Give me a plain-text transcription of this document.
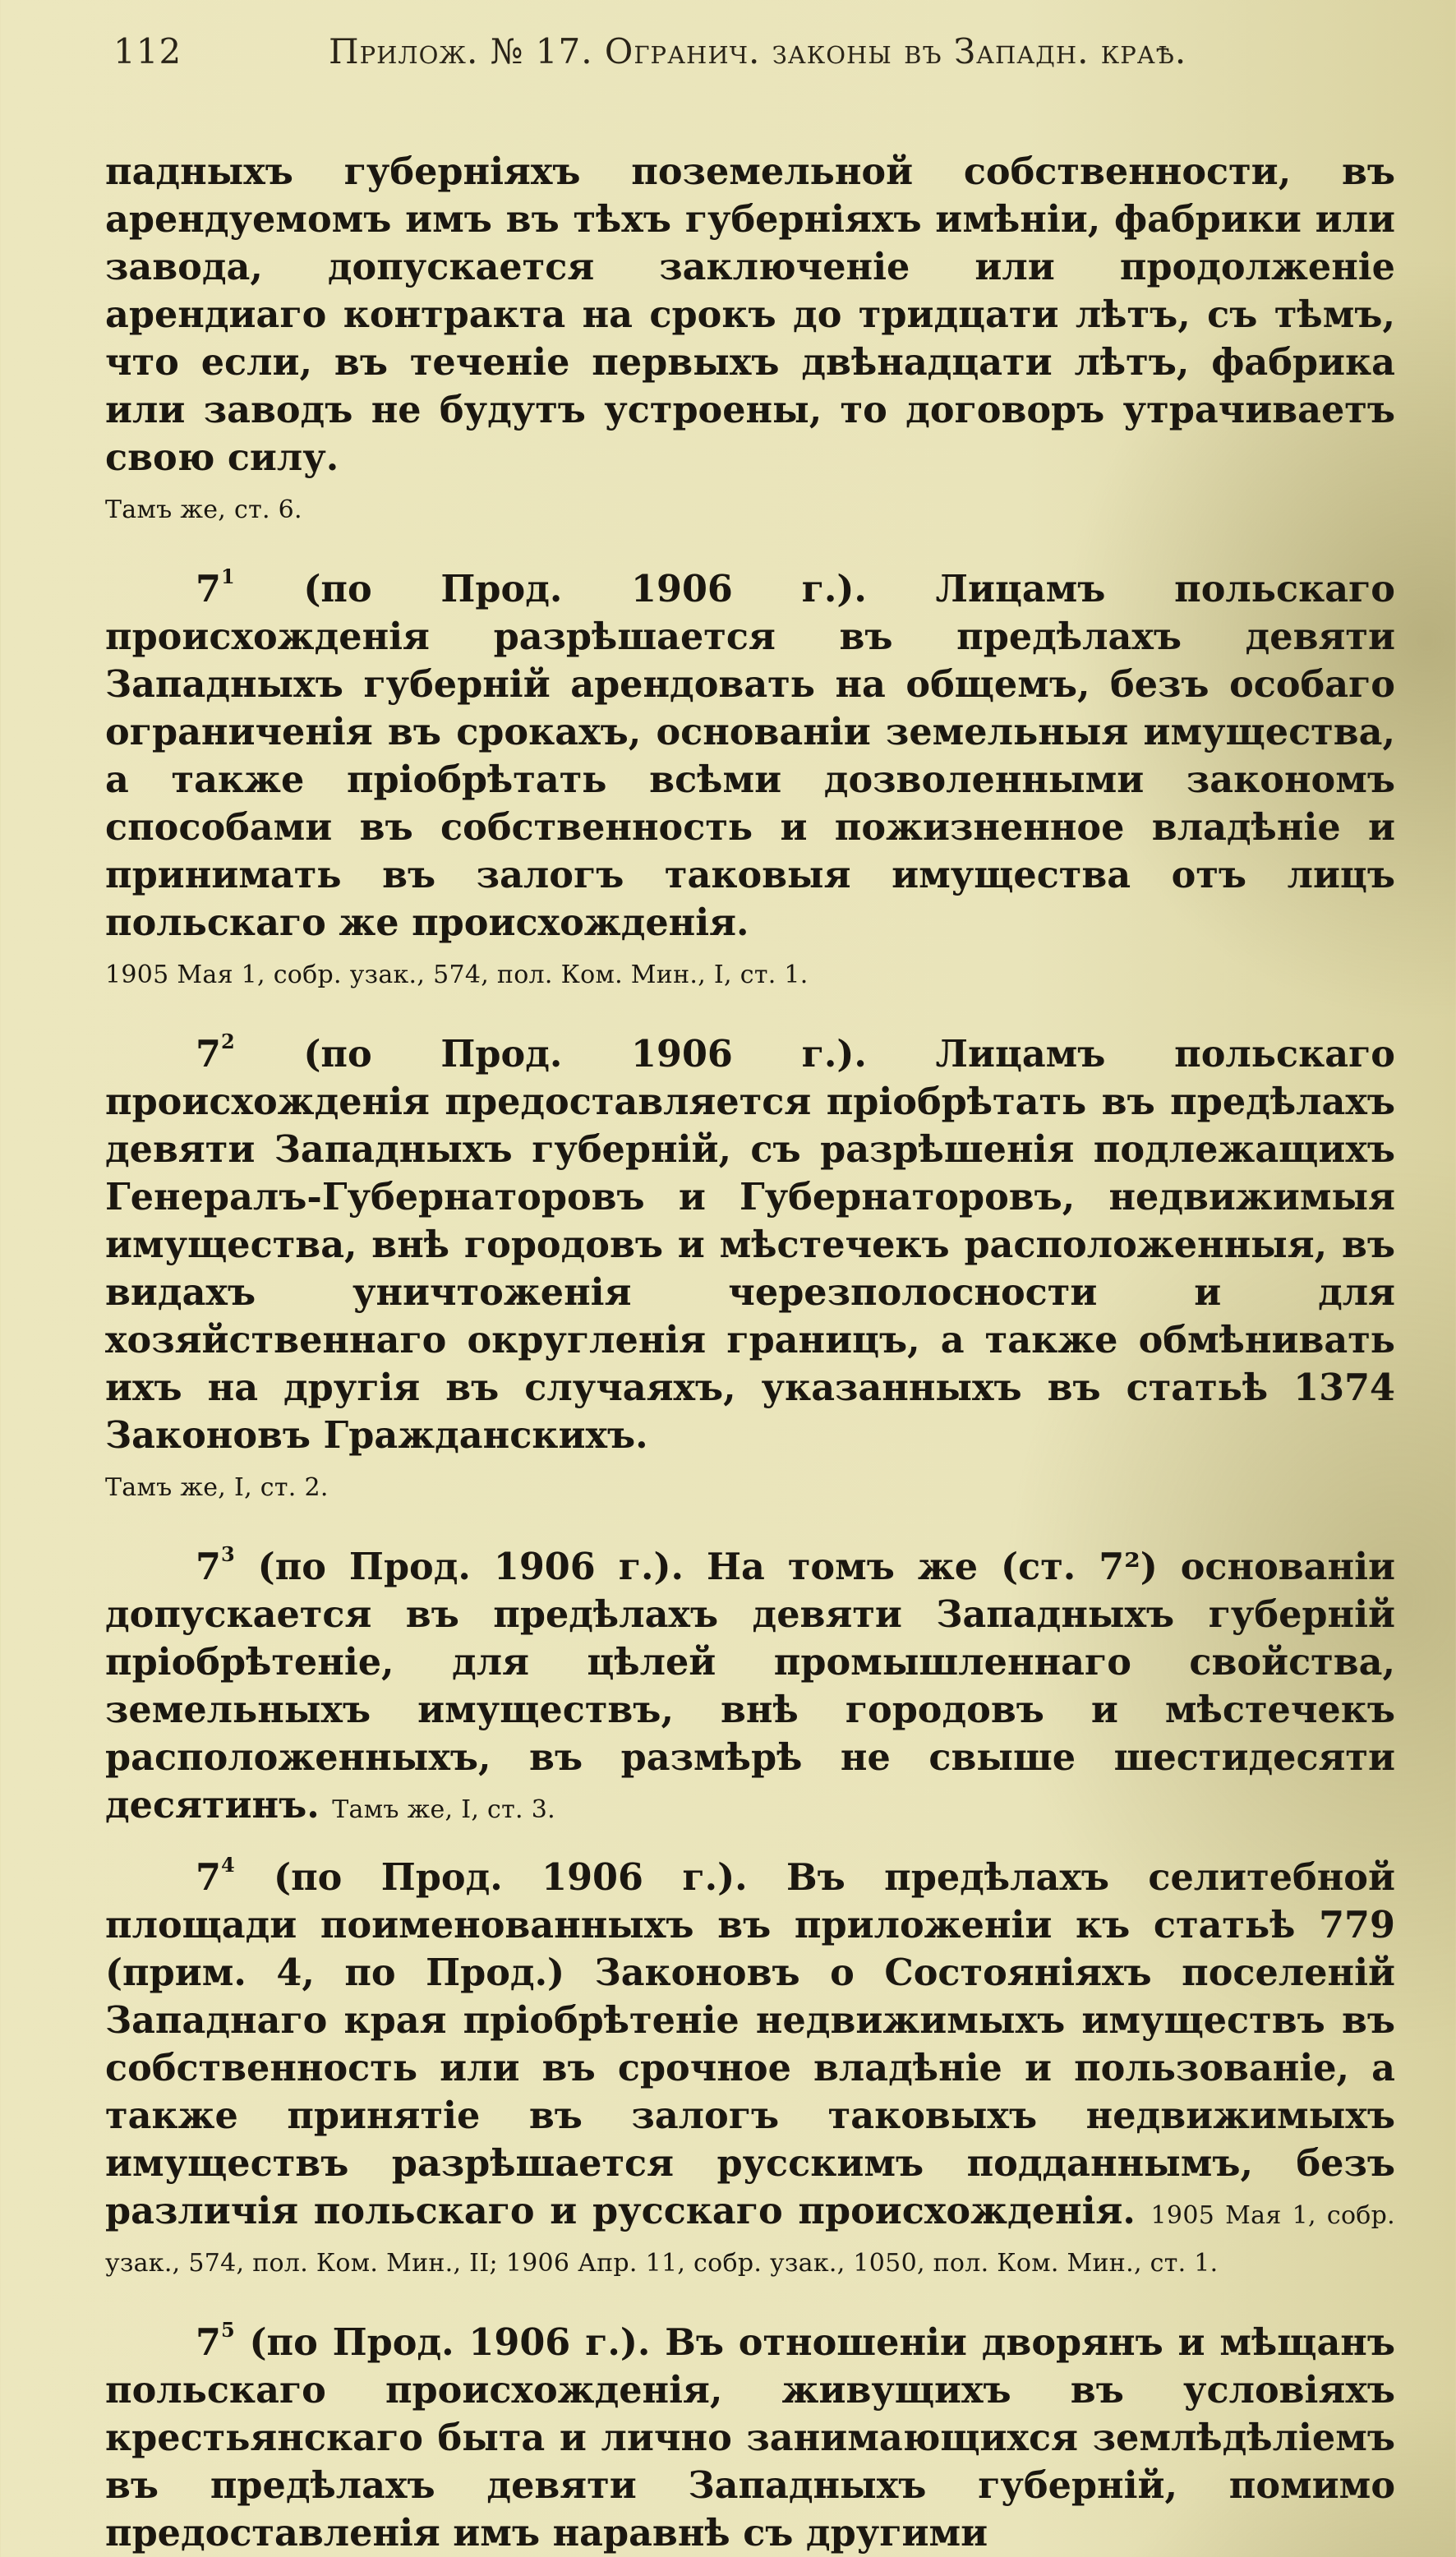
112	Прилож. № 17. Огранич. законы въ Западн. краѣ.

падныхъ губерніяхъ поземельной собственности, въ арендуемомъ имъ въ тѣхъ губерніяхъ имѣніи, фабрики или завода, допускается заключеніе или продолженіе арендиаго контракта на срокъ до тридцати лѣтъ, съ тѣмъ, что если, въ теченіе первыхъ двѣнадцати лѣтъ, фабрика или заводъ не будутъ устроены, то договоръ утрачиваетъ свою силу.
Тамъ же, ст. 6.

$7^1$ (по Прод. 1906 г.). Лицамъ польскаго происхожденія разрѣшается въ предѣлахъ девяти Западныхъ губерній арендовать на общемъ, безъ особаго ограниченія въ срокахъ, основаніи земельныя имущества, а также пріобрѣтать всѣми дозволенными закономъ способами въ собственность и пожизненное владѣніе и принимать въ залогъ таковыя имущества отъ лицъ польскаго же происхожденія.
1905 Мая 1, собр. узак., 574, пол. Ком. Мин., I, ст. 1.

$7^2$ (по Прод. 1906 г.). Лицамъ польскаго происхожденія предоставляется пріобрѣтать въ предѣлахъ девяти Западныхъ губерній, съ разрѣшенія подлежащихъ Генералъ-Губернаторовъ и Губернаторовъ, недвижимыя имущества, внѣ городовъ и мѣстечекъ расположенныя, въ видахъ уничтоженія черезполосности и для хозяйственнаго округленія границъ, а также обмѣнивать ихъ на другія въ случаяхъ, указанныхъ въ статьѣ 1374 Законовъ Гражданскихъ.
Тамъ же, I, ст. 2.

$7^3$ (по Прод. 1906 г.). На томъ же (ст. 7²) основаніи допускается въ предѣлахъ девяти Западныхъ губерній пріобрѣтеніе, для цѣлей промышленнаго свойства, земельныхъ имуществъ, внѣ городовъ и мѣстечекъ расположенныхъ, въ размѣрѣ не свыше шестидесяти десятинъ. Тамъ же, I, ст. 3.

$7^4$ (по Прод. 1906 г.). Въ предѣлахъ селитебной площади поименованныхъ въ приложеніи къ статьѣ 779 (прим. 4, по Прод.) Законовъ о Состояніяхъ поселеній Западнаго края пріобрѣтеніе недвижимыхъ имуществъ въ собственность или въ срочное владѣніе и пользованіе, а также принятіе въ залогъ таковыхъ недвижимыхъ имуществъ разрѣшается русскимъ подданнымъ, безъ различія польскаго и русскаго происхожденія. 1905 Мая 1, собр. узак., 574, пол. Ком. Мин., II; 1906 Апр. 11, собр. узак., 1050, пол. Ком. Мин., ст. 1.

$7^5$ (по Прод. 1906 г.). Въ отношеніи дворянъ и мѣщанъ польскаго происхожденія, живущихъ въ условіяхъ крестьянскаго быта и лично занимающихся землѣдѣліемъ въ предѣлахъ девяти Западныхъ губерній, помимо предоставленія имъ наравнѣ съ другими
